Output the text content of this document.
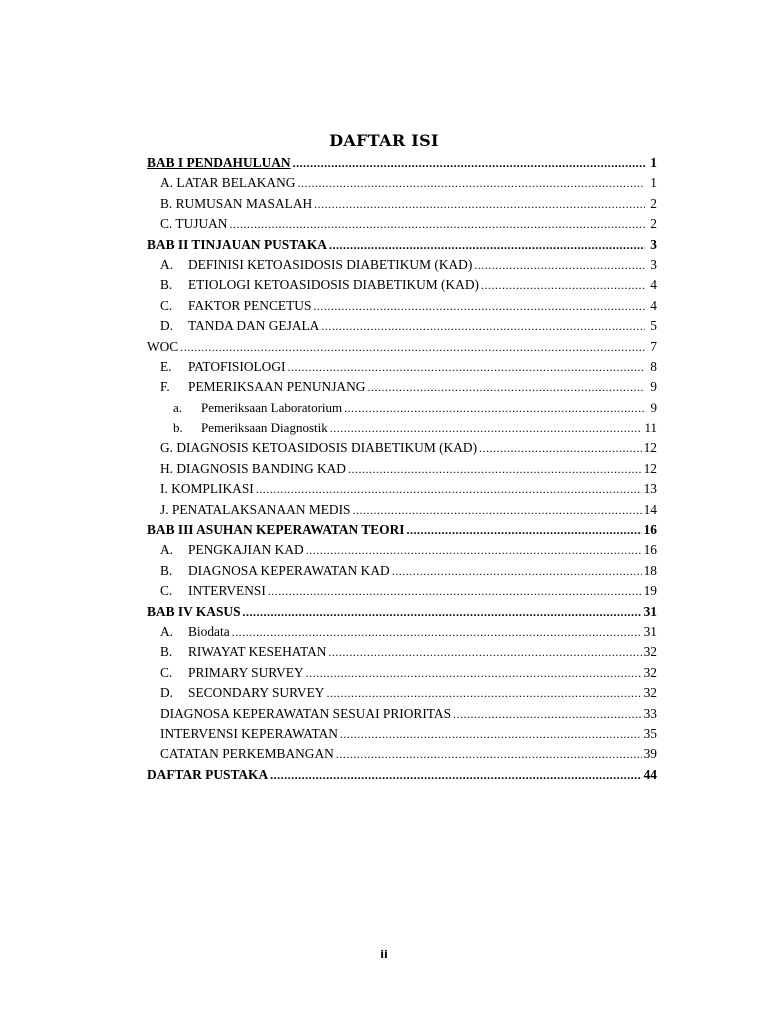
DAFTAR ISI
BAB I PENDAHULUAN .....	1
A. LATAR BELAKANG .....	1
B. RUMUSAN MASALAH .....	2
C. TUJUAN .....	2
BAB II TINJAUAN PUSTAKA .....	3
A.	DEFINISI KETOASIDOSIS DIABETIKUM (KAD) .....	3
B.	ETIOLOGI KETOASIDOSIS DIABETIKUM (KAD) .....	4
C.	FAKTOR PENCETUS .....	4
D.	TANDA DAN GEJALA .....	5
WOC .....	7
E.	PATOFISIOLOGI .....	8
F.	PEMERIKSAAN PENUNJANG .....	9
a.	Pemeriksaan Laboratorium .....	9
b.	Pemeriksaan Diagnostik .....	11
G. DIAGNOSIS KETOASIDOSIS DIABETIKUM (KAD) .....	12
H. DIAGNOSIS BANDING KAD .....	12
I. KOMPLIKASI .....	13
J. PENATALAKSANAAN MEDIS .....	14
BAB III ASUHAN KEPERAWATAN TEORI .....	16
A.	PENGKAJIAN KAD .....	16
B.	DIAGNOSA KEPERAWATAN KAD .....	18
C.	INTERVENSI .....	19
BAB IV KASUS .....	31
A.	Biodata .....	31
B.	RIWAYAT KESEHATAN .....	32
C.	PRIMARY SURVEY .....	32
D.	SECONDARY SURVEY .....	32
DIAGNOSA KEPERAWATAN SESUAI PRIORITAS .....	33
INTERVENSI KEPERAWATAN .....	35
CATATAN PERKEMBANGAN .....	39
DAFTAR PUSTAKA .....	44
ii
